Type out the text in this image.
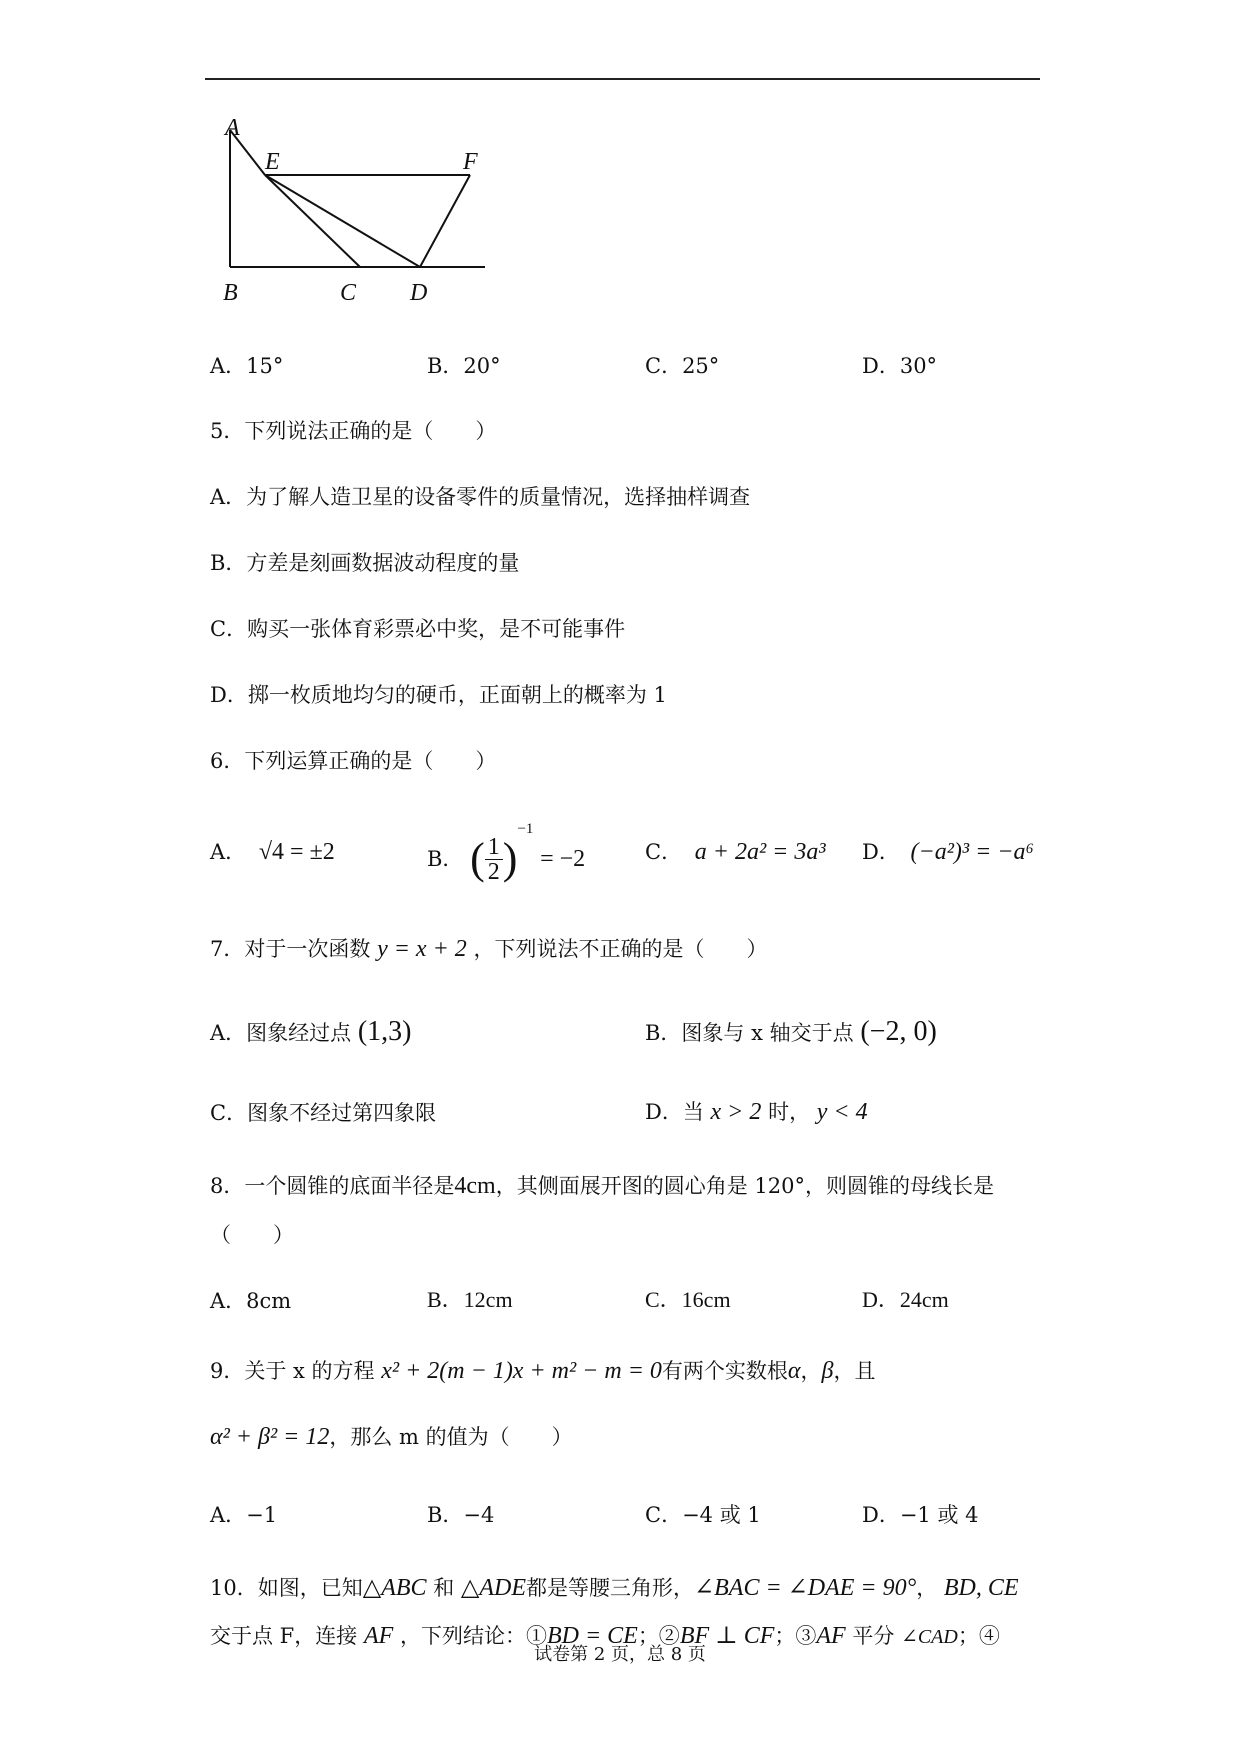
A
E	F
B	C D
A．15°	B．20°	C．25°	D．30°
5．下列说法正确的是（　　）
A．为了解人造卫星的设备零件的质量情况，选择抽样调查
B．方差是刻画数据波动程度的量
C．购买一张体育彩票必中奖，是不可能事件
D．掷一枚质地均匀的硬币，正面朝上的概率为 1
6．下列运算正确的是（　　）
A． √4 = ±2	B． ( $\frac{1}{2} )^{-1} = -2$	C． a + 2a² = 3a³ D． (−a²)³ = −a⁶
7．对于一次函数 y = x + 2 ，下列说法不正确的是（　　）
A．图象经过点 (1,3)	B．图象与 x 轴交于点 (−2, 0)
C．图象不经过第四象限	D．当 x > 2 时， y < 4
8．一个圆锥的底面半径是4cm，其侧面展开图的圆心角是 120°，则圆锥的母线长是
（　　）
A．8cm	B．12cm	C．16cm	D．24cm
9．关于 x 的方程 x² + 2(m − 1)x + m² − m = 0有两个实数根α，β，且
α² + β² = 12，那么 m 的值为（　　）
A．−1	B．−4	C．−4 或 1	D．−1 或 4
10．如图，已知△ABC 和 △ADE都是等腰三角形，∠BAC = ∠DAE = 90°， BD, CE
交于点 F，连接 AF ，下列结论：①BD = CE；②BF ⊥ CF；③AF 平分 ∠CAD；④
试卷第 2 页，总 8 页
